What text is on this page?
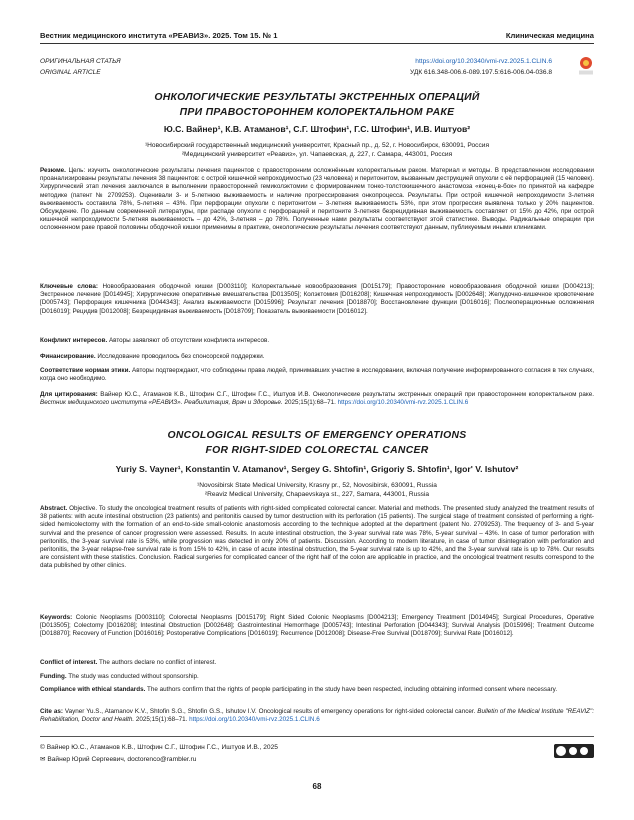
Вестник медицинского института «РЕАВИЗ». 2025. Том 15. № 1	Клиническая медицина
ОРИГИНАЛЬНАЯ СТАТЬЯ
ORIGINAL ARTICLE
https://doi.org/10.20340/vmi-rvz.2025.1.CLIN.6
УДК 616.348-006.6-089.197.5:616-006.04-036.8
ОНКОЛОГИЧЕСКИЕ РЕЗУЛЬТАТЫ ЭКСТРЕННЫХ ОПЕРАЦИЙ
ПРИ ПРАВОСТОРОННЕМ КОЛОРЕКТАЛЬНОМ РАКЕ
Ю.С. Вайнер¹, К.В. Атаманов¹, С.Г. Штофин¹, Г.С. Штофин¹, И.В. Иштуов²
¹Новосибирский государственный медицинский университет, Красный пр., д. 52, г. Новосибирск, 630091, Россия
²Медицинский университет «Реавиз», ул. Чапаевская, д. 227, г. Самара, 443001, Россия
Резюме. Цель: изучить онкологические результаты лечения пациентов с правосторонним осложнённым колоректальным раком. Материал и методы. В представленном исследовании проанализированы результаты лечения 38 пациентов: с острой кишечной непроходимостью (23 человека) и перитонитом, вызванным деструкцией опухоли с её перфорацией (15 человек). Хирургический этап лечения заключался в выполнении правосторонней гемиколэктомии с формированием тонко-толстокишечного анастомоза «конец-в-бок» по принятой на кафедре методике (патент № 2709253). Оценивали 3- и 5-летнюю выживаемость и наличие прогрессирования онкопроцесса. Результаты. При острой кишечной непроходимости 3-летняя выживаемость составила 78%, 5-летняя – 43%. При перфорации опухоли с перитонитом – 3-летняя выживаемость 53%, при этом прогрессия выявлена только у 20% пациентов. Обсуждение. По данным современной литературы, при распаде опухоли с перфорацией и перитоните 3-летняя безрецидивная выживаемость составляет от 15% до 42%, при острой кишечной непроходимости 5-летняя выживаемость – до 42%, 3-летняя – до 78%. Полученные нами результаты соответствуют этой статистике. Выводы. Радикальные операции при осложненном раке правой половины ободочной кишки применимы в практике, онкологические результаты лечения соответствуют данным, публикуемым иными клиниками.
Ключевые слова: Новообразования ободочной кишки [D003110]; Колоректальные новообразования [D015179]; Правосторонние новообразования ободочной кишки [D004213]; Экстренное лечение [D014945]; Хирургические оперативные вмешательства [D013505]; Колэктомия [D016208]; Кишечная непроходимость [D002648]; Желудочно-кишечное кровотечение [D005743]; Перфорация кишечника [D044343]; Анализ выживаемости [D015996]; Результат лечения [D018870]; Восстановление функции [D016016]; Послеоперационные осложнения [D016019]; Рецидив [D012008]; Безрецидивная выживаемость [D018709]; Показатель выживаемости [D016012].
Конфликт интересов. Авторы заявляют об отсутствии конфликта интересов.
Финансирование. Исследование проводилось без спонсорской поддержки.
Соответствие нормам этики. Авторы подтверждают, что соблюдены права людей, принимавших участие в исследовании, включая получение информированного согласия в тех случаях, когда оно необходимо.
Для цитирования: Вайнер Ю.С., Атаманов К.В., Штофин С.Г., Штофин Г.С., Иштуов И.В. Онкологические результаты экстренных операций при правостороннем колоректальном раке. Вестник медицинского института «РЕАВИЗ». Реабилитация, Врач и Здоровье. 2025;15(1):68–71. https://doi.org/10.20340/vmi-rvz.2025.1.CLIN.6
ONCOLOGICAL RESULTS OF EMERGENCY OPERATIONS
FOR RIGHT-SIDED COLORECTAL CANCER
Yuriy S. Vayner¹, Konstantin V. Atamanov¹, Sergey G. Shtofin¹, Grigoriy S. Shtofin¹, Igor' V. Ishutov²
¹Novosibirsk State Medical University, Krasny pr., 52, Novosibirsk, 630091, Russia
²Reaviz Medical University, Chapaevskaya st., 227, Samara, 443001, Russia
Abstract. Objective. To study the oncological treatment results of patients with right-sided complicated colorectal cancer. Material and methods. The presented study analyzed the treatment results of 38 patients: with acute intestinal obstruction (23 patients) and peritonitis caused by tumor destruction with its perforation (15 patients). The surgical stage of treatment consisted of performing a right-sided hemicolectomy with the formation of an end-to-side small-colonic anastomosis according to the technique adopted at the department (patent No. 2709253). The frequency of 3- and 5-year survival and the presence of cancer progression were assessed. Results. In acute intestinal obstruction, the 3-year survival rate was 78%, 5-year survival – 43%. In case of tumor perforation with peritonitis, the 3-year survival rate is 53%, while progression was detected in only 20% of patients. Discussion. According to modern literature, in case of tumor disintegration with perforation and peritonitis, the 3-year relapse-free survival rate is from 15% to 42%, in case of acute intestinal obstruction, the 5-year survival rate is up to 42%, and the 3-year survival rate is up to 78%. Our results are consistent with these statistics. Conclusion. Radical surgeries for complicated cancer of the right half of the colon are applicable in practice, and the oncological treatment results correspond to the data published by other clinics.
Keywords: Colonic Neoplasms [D003110]; Colorectal Neoplasms [D015179]; Right Sided Colonic Neoplasms [D004213]; Emergency Treatment [D014945]; Surgical Procedures, Operative [D013505]; Colectomy [D016208]; Intestinal Obstruction [D002648]; Gastrointestinal Hemorrhage [D005743]; Intestinal Perforation [D044343]; Survival Analysis [D015996]; Treatment Outcome [D018870]; Recovery of Function [D016016]; Postoperative Complications [D016019]; Recurrence [D012008]; Disease-Free Survival [D018709]; Survival Rate [D016012].
Conflict of interest. The authors declare no conflict of interest.
Funding. The study was conducted without sponsorship.
Compliance with ethical standards. The authors confirm that the rights of people participating in the study have been respected, including obtaining informed consent where necessary.
Cite as: Vayner Yu.S., Atamanov K.V., Shtofin S.G., Shtofin G.S., Ishutov I.V. Oncological results of emergency operations for right-sided colorectal cancer. Bulletin of the Medical Institute "REAVIZ": Rehabilitation, Doctor and Health. 2025;15(1):68–71. https://doi.org/10.20340/vmi-rvz.2025.1.CLIN.6
© Вайнер Ю.С., Атаманов К.В., Штофин С.Г., Штофин Г.С., Иштуов И.В., 2025
✉ Вайнер Юрий Сергеевич, doctorenco@rambler.ru
68
